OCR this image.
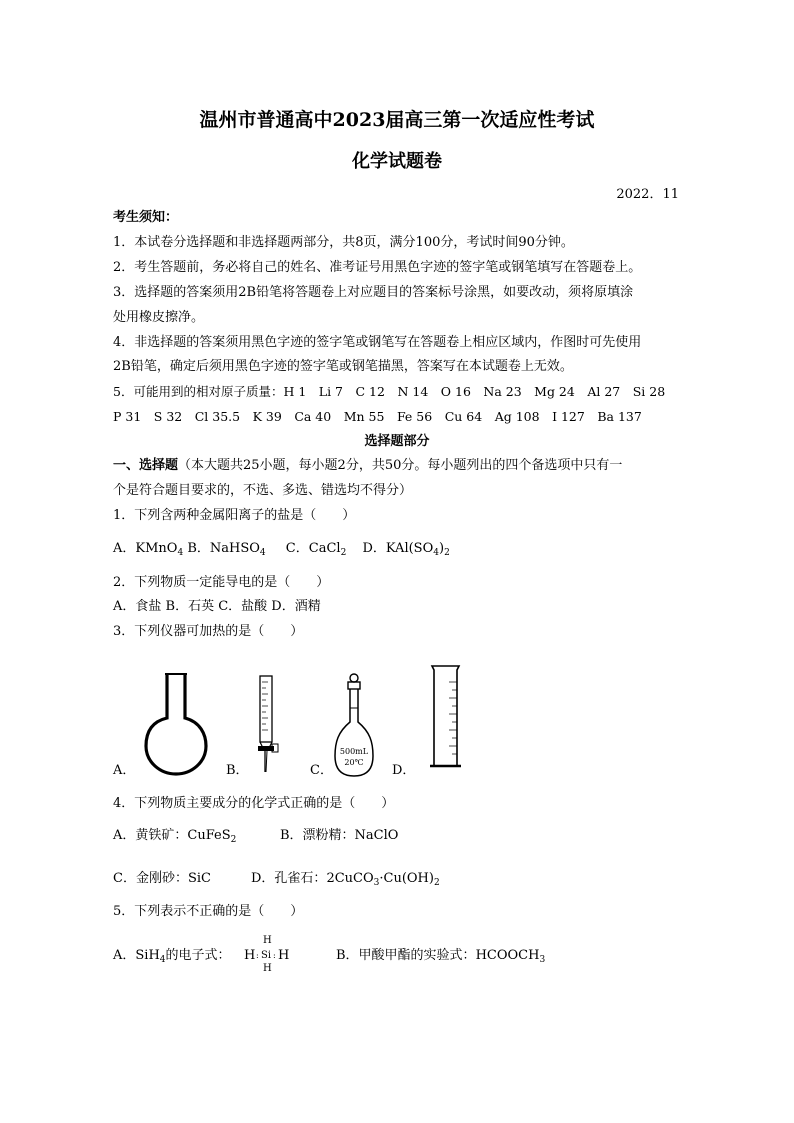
温州市普通高中2023届高三第一次适应性考试
化学试题卷
2022．11
考生须知：
1．本试卷分选择题和非选择题两部分，共8页，满分100分，考试时间90分钟。
2．考生答题前，务必将自己的姓名、准考证号用黑色字迹的签字笔或钢笔填写在答题卷上。
3．选择题的答案须用2B铅笔将答题卷上对应题目的答案标号涂黑，如要改动，须将原填涂
处用橡皮擦净。
4．非选择题的答案须用黑色字迹的签字笔或钢笔写在答题卷上相应区域内，作图时可先使用
2B铅笔，确定后须用黑色字迹的签字笔或钢笔描黑，答案写在本试题卷上无效。
5．可能用到的相对原子质量：H 1　Li 7　C 12　N 14　O 16　Na 23　Mg 24　Al 27　Si 28
P 31　S 32　Cl 35.5　K 39　Ca 40　Mn 55　Fe 56　Cu 64　Ag 108　I 127　Ba 137
选择题部分
一、选择题（本大题共25小题，每小题2分，共50分。每小题列出的四个备选项中只有一
个是符合题目要求的，不选、多选、错选均不得分）
1．下列含两种金属阳离子的盐是（　　）
A．KMnO$_4$ B．NaHSO$_4$ C．CaCl$_2$ D．$KAl(SO_4)_2$
2．下列物质一定能导电的是（　　）
A．食盐 B．石英 C．盐酸 D．酒精
3．下列仪器可加热的是（　　）
A．	B．
500mL
20℃
C．	D．
4．下列物质主要成分的化学式正确的是（　　）
A．黄铁矿：CuFeS$_2$	B．漂粉精：NaClO
C．金刚砂：SiC	D．孔雀石：$2CuCO_3\cdot Cu(OH)_2$
5．下列表示不正确的是（　　）
A．SiH$_4$的电子式： H : Si : H
H
H
B．甲酸甲酯的实验式：$HCOOCH_3$
